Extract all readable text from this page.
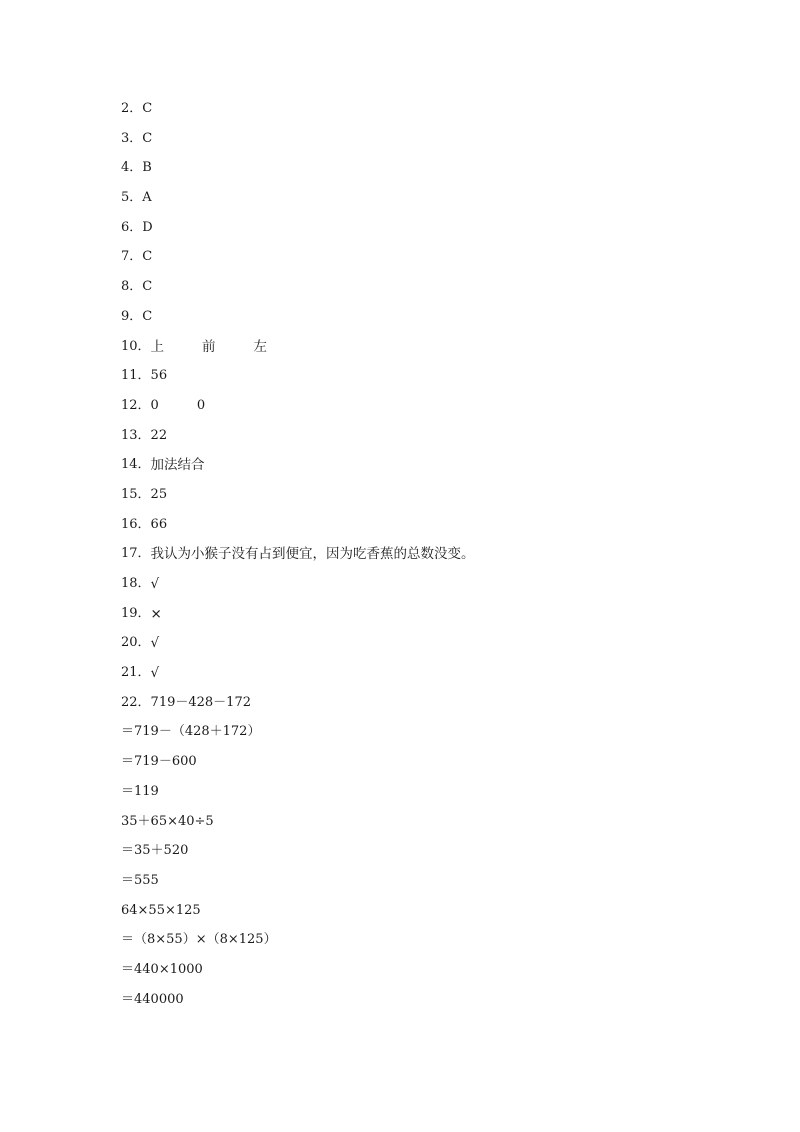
2．C
3．C
4．B
5．A
6．D
7．C
8．C
9．C
10． 上	前	左
11．56
12． 0	0
13．22
14． 加法结合
15．25
16．66
17． 我认为小猴子没有占到便宜，因为吃香蕉的总数没变。
18． √
19． ×
20． √
21． √
22．719－428－172
＝719－（428＋172）
＝719－600
＝119
35＋65×40÷5
＝35＋520
＝555
64×55×125
＝（8×55）×（8×125）
＝440×1000
＝440000
